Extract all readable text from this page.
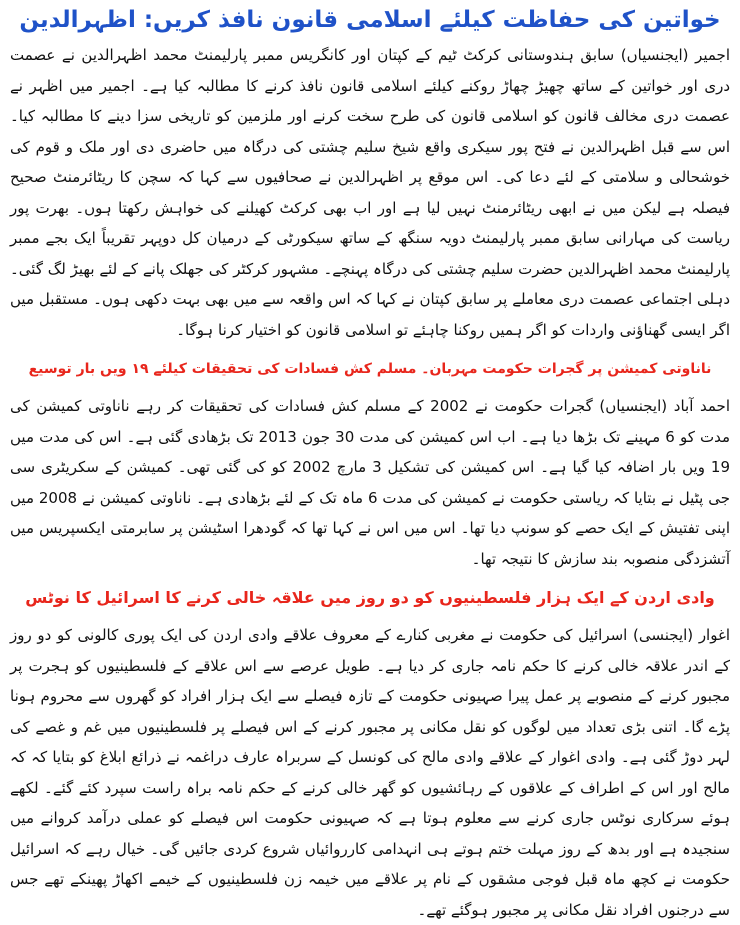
خواتین کی حفاظت کیلئے اسلامی قانون نافذ کریں: اظہرالدین

اجمیر (ایجنسیاں) سابق ہندوستانی کرکٹ ٹیم کے کپتان اور کانگریس ممبر پارلیمنٹ محمد اظہرالدین نے عصمت دری اور خواتین کے ساتھ چھیڑ چھاڑ روکنے کیلئے اسلامی قانون نافذ کرنے کا مطالبہ کیا ہے۔ اجمیر میں اظہر نے عصمت دری مخالف قانون کو اسلامی قانون کی طرح سخت کرنے اور ملزمین کو تاریخی سزا دینے کا مطالبہ کیا۔ اس سے قبل اظہرالدین نے فتح پور سیکری واقع شیخ سلیم چشتی کی درگاہ میں حاضری دی اور ملک و قوم کی خوشحالی و سلامتی کے لئے دعا کی۔ اس موقع پر اظہرالدین نے صحافیوں سے کہا کہ سچن کا ریٹائرمنٹ صحیح فیصلہ ہے لیکن میں نے ابھی ریٹائرمنٹ نہیں لیا ہے اور اب بھی کرکٹ کھیلنے کی خواہش رکھتا ہوں۔ بھرت پور ریاست کی مہارانی سابق ممبر پارلیمنٹ دویہ سنگھ کے ساتھ سیکورٹی کے درمیان کل دوپہر تقریباً ایک بجے ممبر پارلیمنٹ محمد اظہرالدین حضرت سلیم چشتی کی درگاہ پہنچے۔ مشہور کرکٹر کی جھلک پانے کے لئے بھیڑ لگ گئی۔ دہلی اجتماعی عصمت دری معاملے پر سابق کپتان نے کہا کہ اس واقعہ سے میں بھی بہت دکھی ہوں۔ مستقبل میں اگر ایسی گھناؤنی واردات کو اگر ہمیں روکنا چاہئے تو اسلامی قانون کو اختیار کرنا ہوگا۔

ناناوتی کمیشن پر گجرات حکومت مہربان۔ مسلم کش فسادات کی تحقیقات کیلئے ۱۹ ویں بار توسیع

احمد آباد (ایجنسیاں) گجرات حکومت نے 2002 کے مسلم کش فسادات کی تحقیقات کر رہے ناناوتی کمیشن کی مدت کو 6 مہینے تک بڑھا دیا ہے۔ اب اس کمیشن کی مدت 30 جون 2013 تک بڑھادی گئی ہے۔ اس کی مدت میں 19 ویں بار اضافہ کیا گیا ہے۔ اس کمیشن کی تشکیل 3 مارچ 2002 کو کی گئی تھی۔ کمیشن کے سکریٹری سی جی پٹیل نے بتایا کہ ریاستی حکومت نے کمیشن کی مدت 6 ماہ تک کے لئے بڑھادی ہے۔ ناناوتی کمیشن نے 2008 میں اپنی تفتیش کے ایک حصے کو سونپ دیا تھا۔ اس میں اس نے کہا تھا کہ گودھرا اسٹیشن پر سابرمتی ایکسپریس میں آتشزدگی منصوبہ بند سازش کا نتیجہ تھا۔

وادی اردن کے ایک ہزار فلسطینیوں کو دو روز میں علاقہ خالی کرنے کا اسرائیل کا نوٹس

اغوار (ایجنسی) اسرائیل کی حکومت نے مغربی کنارے کے معروف علاقے وادی اردن کی ایک پوری کالونی کو دو روز کے اندر علاقہ خالی کرنے کا حکم نامہ جاری کر دیا ہے۔ طویل عرصے سے اس علاقے کے فلسطینیوں کو ہجرت پر مجبور کرنے کے منصوبے پر عمل پیرا صہیونی حکومت کے تازہ فیصلے سے ایک ہزار افراد کو گھروں سے محروم ہونا پڑے گا۔ اتنی بڑی تعداد میں لوگوں کو نقل مکانی پر مجبور کرنے کے اس فیصلے پر فلسطینیوں میں غم و غصے کی لہر دوڑ گئی ہے۔ وادی اغوار کے علاقے وادی مالح کی کونسل کے سربراہ عارف دراغمہ نے ذرائع ابلاغ کو بتایا کہ کہ مالح اور اس کے اطراف کے علاقوں کے رہائشیوں کو گھر خالی کرنے کے حکم نامہ براہ راست سپرد کئے گئے۔ لکھے ہوئے سرکاری نوٹس جاری کرنے سے معلوم ہوتا ہے کہ صہیونی حکومت اس فیصلے کو عملی درآمد کروانے میں سنجیدہ ہے اور بدھ کے روز مہلت ختم ہوتے ہی انہدامی کارروائیاں شروع کردی جائیں گی۔ خیال رہے کہ اسرائیل حکومت نے کچھ ماہ قبل فوجی مشقوں کے نام پر علاقے میں خیمہ زن فلسطینیوں کے خیمے اکھاڑ پھینکے تھے جس سے درجنوں افراد نقل مکانی پر مجبور ہوگئے تھے۔
